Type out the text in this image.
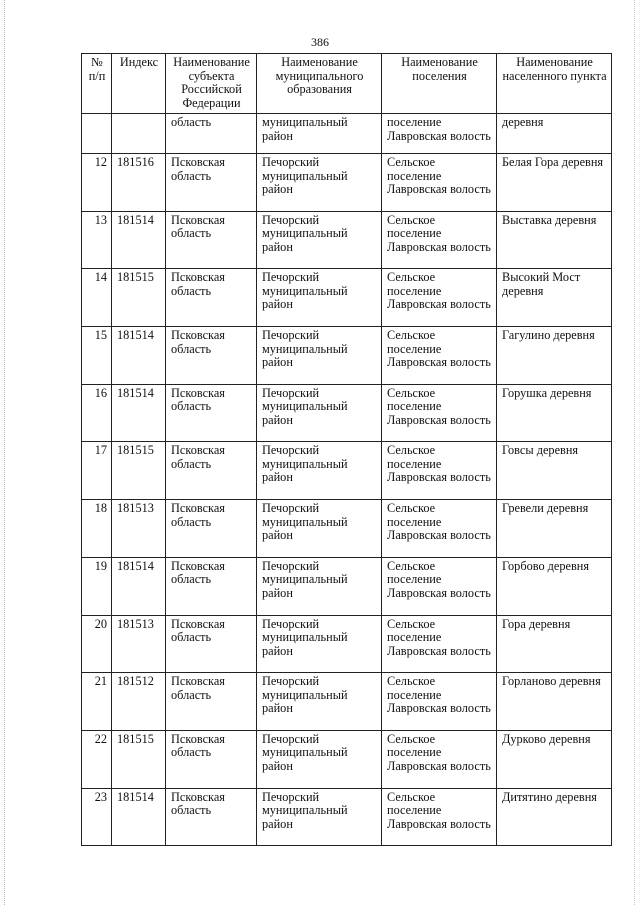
386
№ п/п	Индекс	Наименование субъекта Российской Федерации	Наименование муниципального образования	Наименование поселения	Наименование населенного пункта
		область	муниципальный район	поселение Лавровская волость	деревня
12	181516	Псковская область	Печорский муниципальный район	Сельское поселение Лавровская волость	Белая Гора деревня
13	181514	Псковская область	Печорский муниципальный район	Сельское поселение Лавровская волость	Выставка деревня
14	181515	Псковская область	Печорский муниципальный район	Сельское поселение Лавровская волость	Высокий Мост деревня
15	181514	Псковская область	Печорский муниципальный район	Сельское поселение Лавровская волость	Гагулино деревня
16	181514	Псковская область	Печорский муниципальный район	Сельское поселение Лавровская волость	Горушка деревня
17	181515	Псковская область	Печорский муниципальный район	Сельское поселение Лавровская волость	Говсы деревня
18	181513	Псковская область	Печорский муниципальный район	Сельское поселение Лавровская волость	Гревели деревня
19	181514	Псковская область	Печорский муниципальный район	Сельское поселение Лавровская волость	Горбово деревня
20	181513	Псковская область	Печорский муниципальный район	Сельское поселение Лавровская волость	Гора деревня
21	181512	Псковская область	Печорский муниципальный район	Сельское поселение Лавровская волость	Горланово деревня
22	181515	Псковская область	Печорский муниципальный район	Сельское поселение Лавровская волость	Дурково деревня
23	181514	Псковская область	Печорский муниципальный район	Сельское поселение Лавровская волость	Дитятино деревня
